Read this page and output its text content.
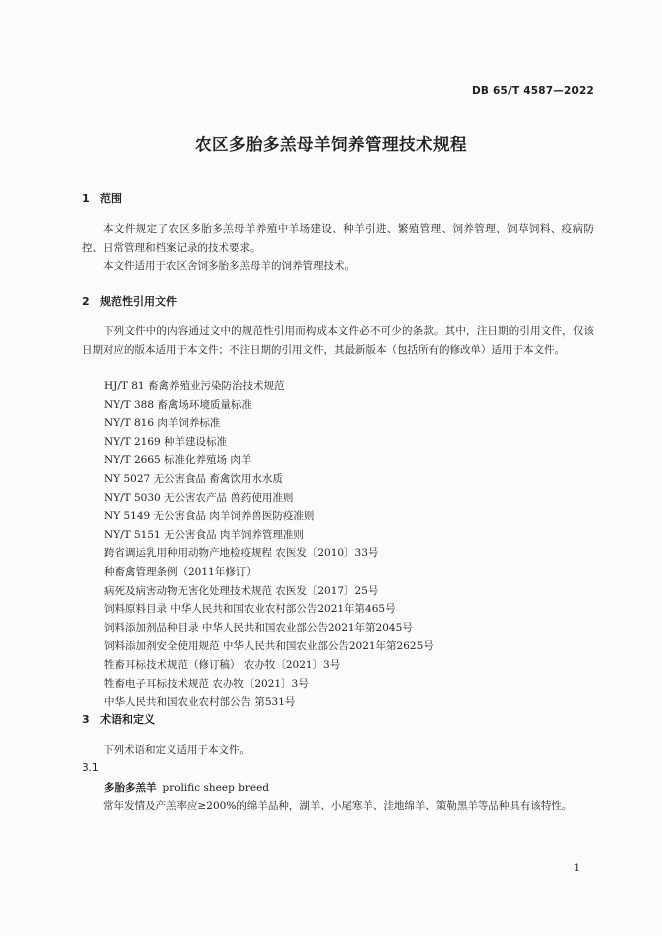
DB 65/T 4587—2022
农区多胎多羔母羊饲养管理技术规程
1 范围
本文件规定了农区多胎多羔母羊养殖中羊场建设、种羊引进、繁殖管理、饲养管理、饲草饲料、疫病防控、日常管理和档案记录的技术要求。
本文件适用于农区舍饲多胎多羔母羊的饲养管理技术。
2 规范性引用文件
下列文件中的内容通过文中的规范性引用而构成本文件必不可少的条款。其中，注日期的引用文件，仅该日期对应的版本适用于本文件；不注日期的引用文件，其最新版本（包括所有的修改单）适用于本文件。
HJ/T 81 畜禽养殖业污染防治技术规范
NY/T 388 畜禽场环境质量标准
NY/T 816 肉羊饲养标准
NY/T 2169 种羊建设标准
NY/T 2665 标准化养殖场 肉羊
NY 5027 无公害食品 畜禽饮用水水质
NY/T 5030 无公害农产品 兽药使用准则
NY 5149 无公害食品 肉羊饲养兽医防疫准则
NY/T 5151 无公害食品 肉羊饲养管理准则
跨省调运乳用种用动物产地检疫规程 农医发〔2010〕33号
种畜禽管理条例（2011年修订）
病死及病害动物无害化处理技术规范 农医发〔2017〕25号
饲料原料目录 中华人民共和国农业农村部公告2021年第465号
饲料添加剂品种目录 中华人民共和国农业部公告2021年第2045号
饲料添加剂安全使用规范 中华人民共和国农业部公告2021年第2625号
牲畜耳标技术规范（修订稿） 农办牧〔2021〕3号
牲畜电子耳标技术规范 农办牧〔2021〕3号
中华人民共和国农业农村部公告 第531号
3 术语和定义
下列术语和定义适用于本文件。
3.1
多胎多羔羊 prolific sheep breed
常年发情及产羔率应≥200%的绵羊品种，湖羊、小尾寒羊、洼地绵羊、策勒黑羊等品种具有该特性。
1
